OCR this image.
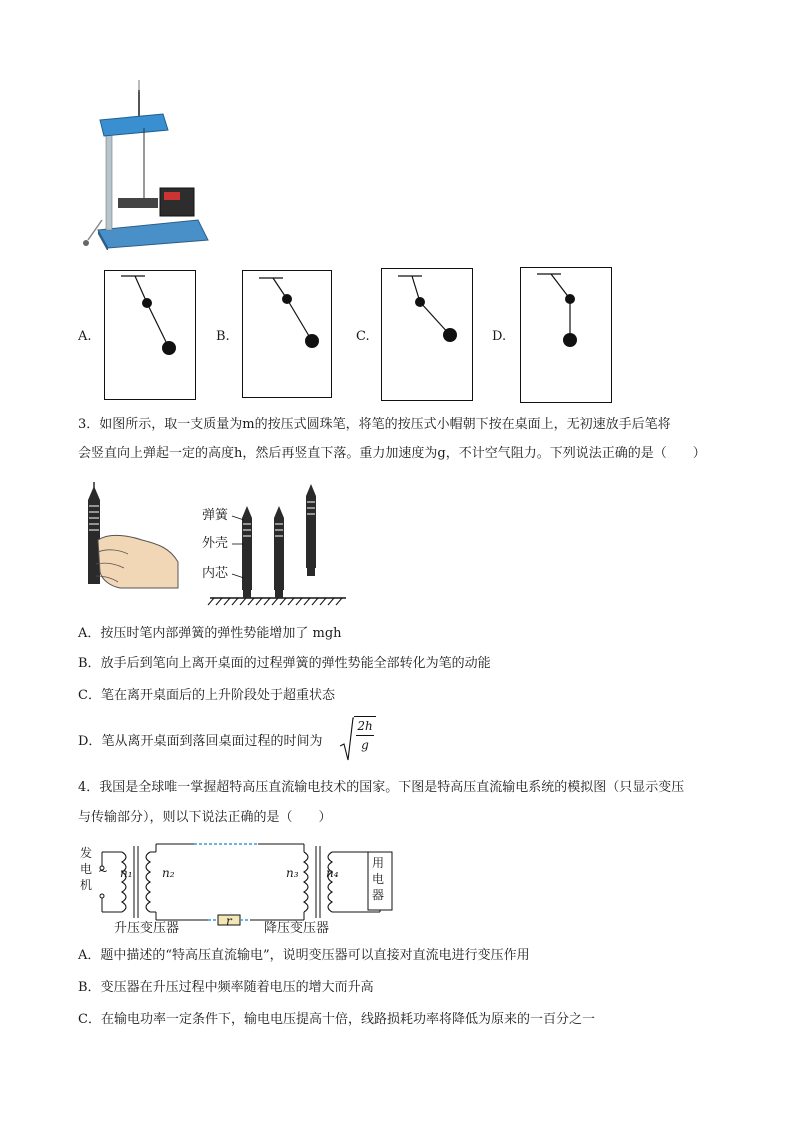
A.	B.	C.	D.
3．如图所示，取一支质量为m的按压式圆珠笔，将笔的按压式小帽朝下按在桌面上，无初速放手后笔将
会竖直向上弹起一定的高度h，然后再竖直下落。重力加速度为g，不计空气阻力。下列说法正确的是（　　）
弹簧
外壳
内芯
A．按压时笔内部弹簧的弹性势能增加了 mgh
B．放手后到笔向上离开桌面的过程弹簧的弹性势能全部转化为笔的动能
C．笔在离开桌面后的上升阶段处于超重状态
D．笔从离开桌面到落回桌面过程的时间为
2h
g
4．我国是全球唯一掌握超特高压直流输电技术的国家。下图是特高压直流输电系统的模拟图（只显示变压
与传输部分），则以下说法正确的是（　　）
发
电
机
~ n₁ n₂	n₃ n₄
用
电
器
r
升压变压器	降压变压器
A．题中描述的“特高压直流输电”，说明变压器可以直接对直流电进行变压作用
B．变压器在升压过程中频率随着电压的增大而升高
C．在输电功率一定条件下，输电电压提高十倍，线路损耗功率将降低为原来的一百分之一
